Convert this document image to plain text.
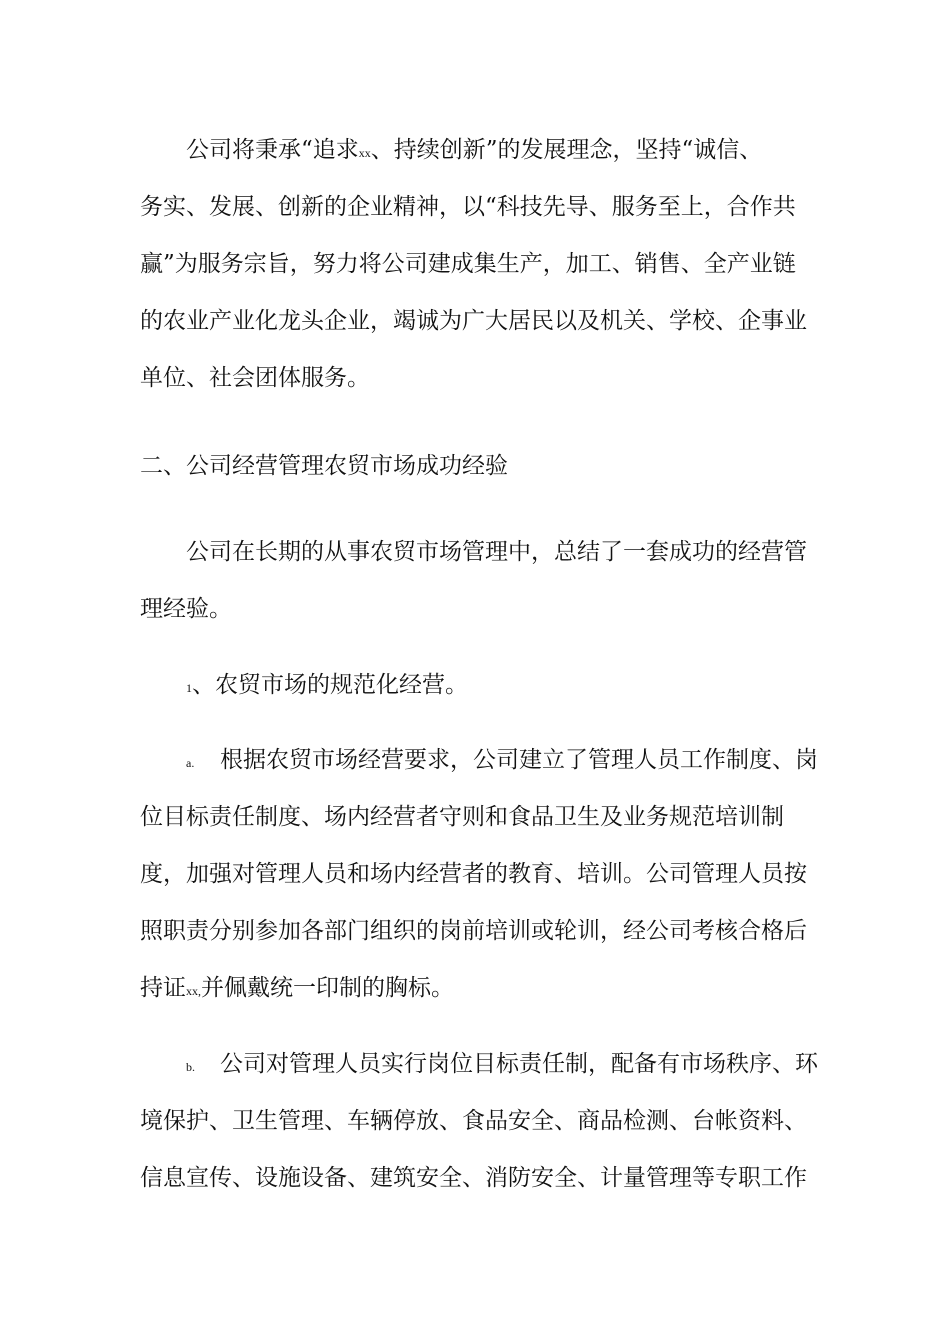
公司将秉承“追求xx、持续创新”的发展理念，坚持“诚信、
务实、发展、创新的企业精神，以“科技先导、服务至上，合作共
赢”为服务宗旨，努力将公司建成集生产，加工、销售、全产业链
的农业产业化龙头企业，竭诚为广大居民以及机关、学校、企事业
单位、社会团体服务。
二、公司经营管理农贸市场成功经验
公司在长期的从事农贸市场管理中，总结了一套成功的经营管
理经验。
1、农贸市场的规范化经营。
a. 根据农贸市场经营要求，公司建立了管理人员工作制度、岗
位目标责任制度、场内经营者守则和食品卫生及业务规范培训制
度，加强对管理人员和场内经营者的教育、培训。公司管理人员按
照职责分别参加各部门组织的岗前培训或轮训，经公司考核合格后
持证xx,并佩戴统一印制的胸标。
b. 公司对管理人员实行岗位目标责任制，配备有市场秩序、环
境保护、卫生管理、车辆停放、食品安全、商品检测、台帐资料、
信息宣传、设施设备、建筑安全、消防安全、计量管理等专职工作
